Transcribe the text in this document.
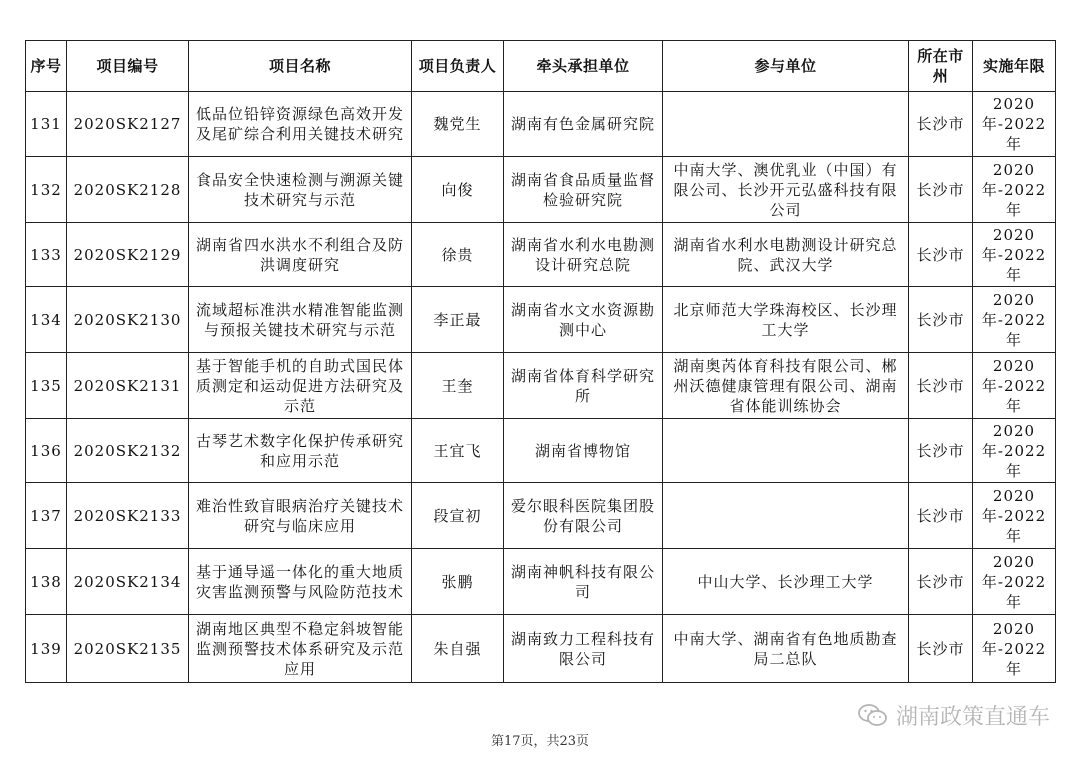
序号	项目编号	项目名称	项目负责人	牵头承担单位	参与单位	所在市州	实施年限
131	2020SK2127	低品位铅锌资源绿色高效开发及尾矿综合利用关键技术研究	魏党生	湖南有色金属研究院		长沙市	2020年-2022年
132	2020SK2128	食品安全快速检测与溯源关键技术研究与示范	向俊	湖南省食品质量监督检验研究院	中南大学、澳优乳业（中国）有限公司、长沙开元弘盛科技有限公司	长沙市	2020年-2022年
133	2020SK2129	湖南省四水洪水不利组合及防洪调度研究	徐贵	湖南省水利水电勘测设计研究总院	湖南省水利水电勘测设计研究总院、武汉大学	长沙市	2020年-2022年
134	2020SK2130	流域超标准洪水精准智能监测与预报关键技术研究与示范	李正最	湖南省水文水资源勘测中心	北京师范大学珠海校区、长沙理工大学	长沙市	2020年-2022年
135	2020SK2131	基于智能手机的自助式国民体质测定和运动促进方法研究及示范	王奎	湖南省体育科学研究所	湖南奥芮体育科技有限公司、郴州沃德健康管理有限公司、湖南省体能训练协会	长沙市	2020年-2022年
136	2020SK2132	古琴艺术数字化保护传承研究和应用示范	王宜飞	湖南省博物馆		长沙市	2020年-2022年
137	2020SK2133	难治性致盲眼病治疗关键技术研究与临床应用	段宣初	爱尔眼科医院集团股份有限公司		长沙市	2020年-2022年
138	2020SK2134	基于通导遥一体化的重大地质灾害监测预警与风险防范技术	张鹏	湖南神帆科技有限公司	中山大学、长沙理工大学	长沙市	2020年-2022年
139	2020SK2135	湖南地区典型不稳定斜坡智能监测预警技术体系研究及示范应用	朱自强	湖南致力工程科技有限公司	中南大学、湖南省有色地质勘查局二总队	长沙市	2020年-2022年
湖南政策直通车
第17页，共23页
